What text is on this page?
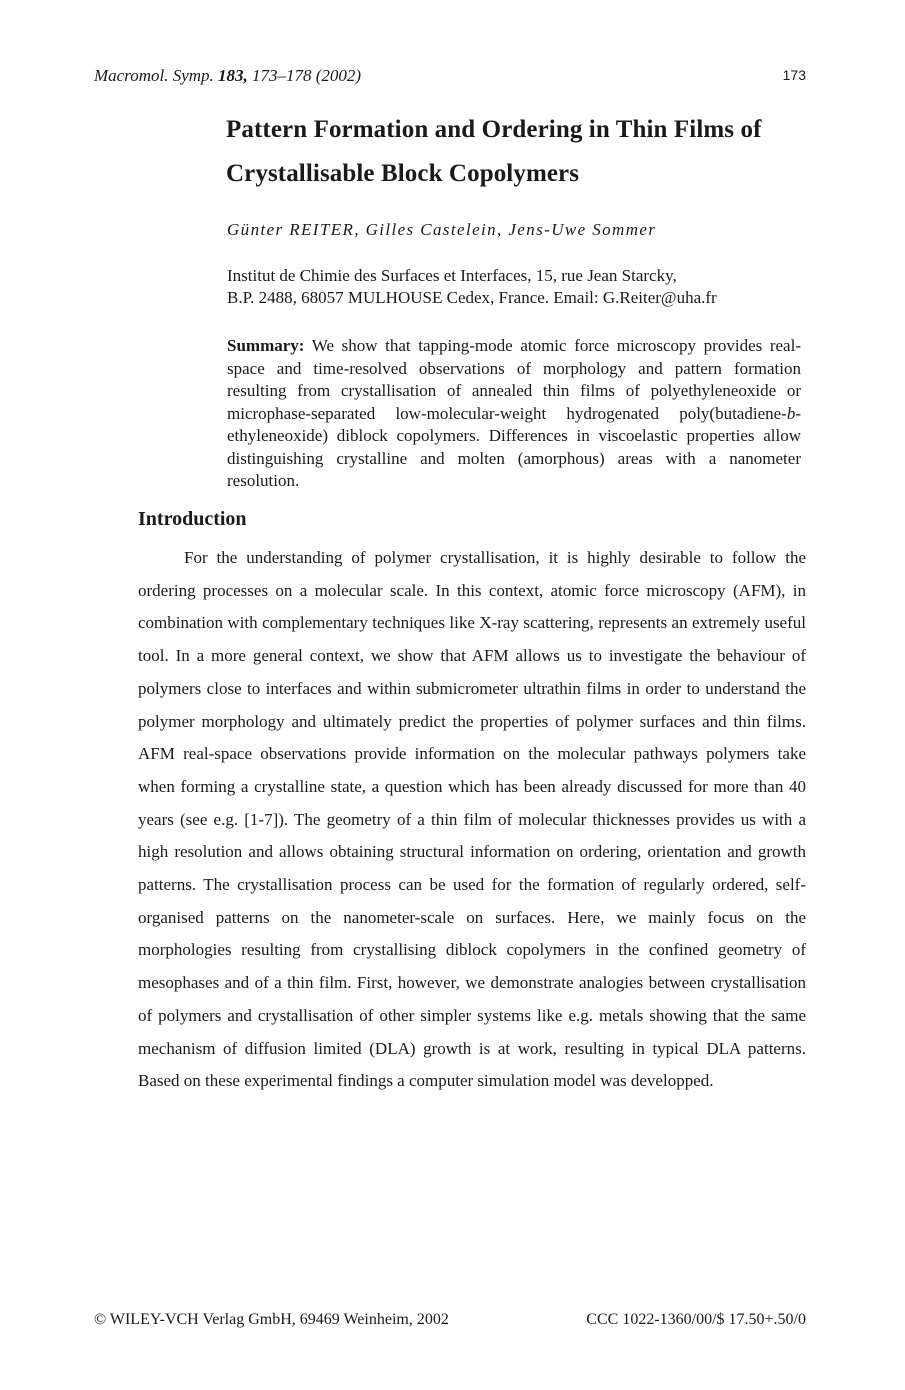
Macromol. Symp. 183, 173–178 (2002)	173
Pattern Formation and Ordering in Thin Films of Crystallisable Block Copolymers

Günter REITER, Gilles Castelein, Jens-Uwe Sommer

Institut de Chimie des Surfaces et Interfaces, 15, rue Jean Starcky,
B.P. 2488, 68057 MULHOUSE Cedex, France. Email: G.Reiter@uha.fr

Summary: We show that tapping-mode atomic force microscopy provides real-space and time-resolved observations of morphology and pattern formation resulting from crystallisation of annealed thin films of polyethyleneoxide or microphase-separated low-molecular-weight hydrogenated poly(butadiene-b-ethyleneoxide) diblock copolymers. Differences in viscoelastic properties allow distinguishing crystalline and molten (amorphous) areas with a nanometer resolution.

Introduction

For the understanding of polymer crystallisation, it is highly desirable to follow the ordering processes on a molecular scale. In this context, atomic force microscopy (AFM), in combination with complementary techniques like X-ray scattering, represents an extremely useful tool. In a more general context, we show that AFM allows us to investigate the behaviour of polymers close to interfaces and within submicrometer ultrathin films in order to understand the polymer morphology and ultimately predict the properties of polymer surfaces and thin films. AFM real-space observations provide information on the molecular pathways polymers take when forming a crystalline state, a question which has been already discussed for more than 40 years (see e.g. [1-7]). The geometry of a thin film of molecular thicknesses provides us with a high resolution and allows obtaining structural information on ordering, orientation and growth patterns. The crystallisation process can be used for the formation of regularly ordered, self-organised patterns on the nanometer-scale on surfaces. Here, we mainly focus on the morphologies resulting from crystallising diblock copolymers in the confined geometry of mesophases and of a thin film. First, however, we demonstrate analogies between crystallisation of polymers and crystallisation of other simpler systems like e.g. metals showing that the same mechanism of diffusion limited (DLA) growth is at work, resulting in typical DLA patterns. Based on these experimental findings a computer simulation model was developped.

© WILEY-VCH Verlag GmbH, 69469 Weinheim, 2002	CCC 1022-1360/00/$ 17.50+.50/0
